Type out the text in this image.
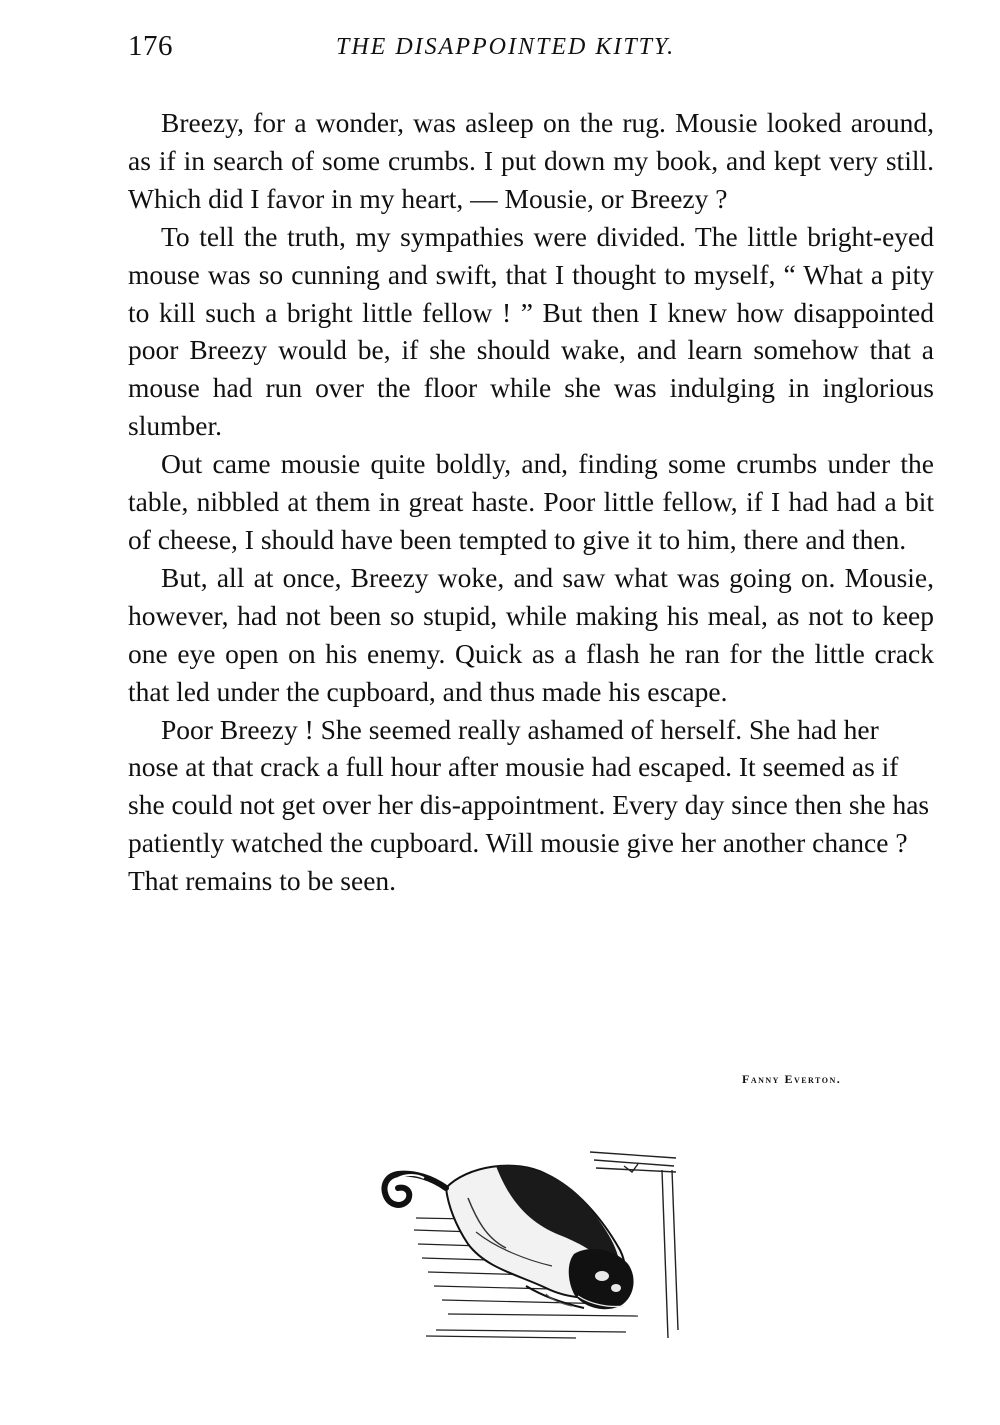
176	THE DISAPPOINTED KITTY.

Breezy, for a wonder, was asleep on the rug. Mousie looked around, as if in search of some crumbs. I put down my book, and kept very still. Which did I favor in my heart, — Mousie, or Breezy ?

To tell the truth, my sympathies were divided. The little bright-eyed mouse was so cunning and swift, that I thought to myself, “ What a pity to kill such a bright little fellow ! ” But then I knew how disappointed poor Breezy would be, if she should wake, and learn somehow that a mouse had run over the floor while she was indulging in inglorious slumber.

Out came mousie quite boldly, and, finding some crumbs under the table, nibbled at them in great haste. Poor little fellow, if I had had a bit of cheese, I should have been tempted to give it to him, there and then.

But, all at once, Breezy woke, and saw what was going on. Mousie, however, had not been so stupid, while making his meal, as not to keep one eye open on his enemy. Quick as a flash he ran for the little crack that led under the cupboard, and thus made his escape.

Poor Breezy ! She seemed really ashamed of herself. She had her nose at that crack a full hour after mousie had escaped. It seemed as if she could not get over her dis-appointment. Every day since then she has patiently watched the cupboard. Will mousie give her another chance ? That remains to be seen.

Fanny Everton.
